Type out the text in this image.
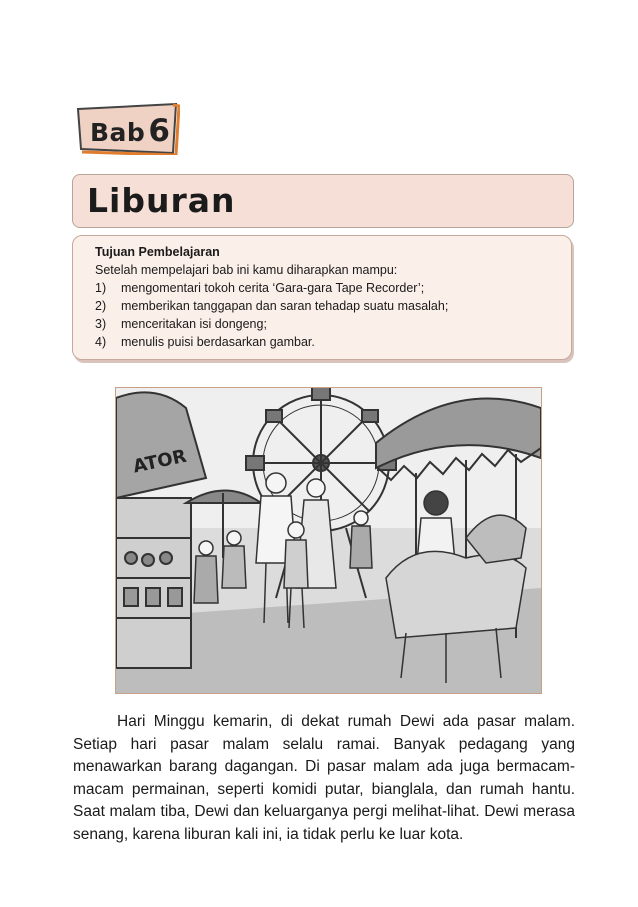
Bab6
Liburan
Tujuan Pembelajaran
Setelah mempelajari bab ini kamu diharapkan mampu:
1)	mengomentari tokoh cerita ‘Gara-gara Tape Recorder’;
2)	memberikan tanggapan dan saran tehadap suatu masalah;
3)	menceritakan isi dongeng;
4)	menulis puisi berdasarkan gambar.
ATOR

Hari Minggu kemarin, di dekat rumah Dewi ada pasar malam. Setiap hari pasar malam selalu ramai. Banyak pedagang yang menawarkan barang dagangan. Di pasar malam ada juga bermacam-macam permainan, seperti komidi putar, bianglala, dan rumah hantu. Saat malam tiba, Dewi dan keluarganya pergi melihat-lihat. Dewi merasa senang, karena liburan kali ini, ia tidak perlu ke luar kota.
